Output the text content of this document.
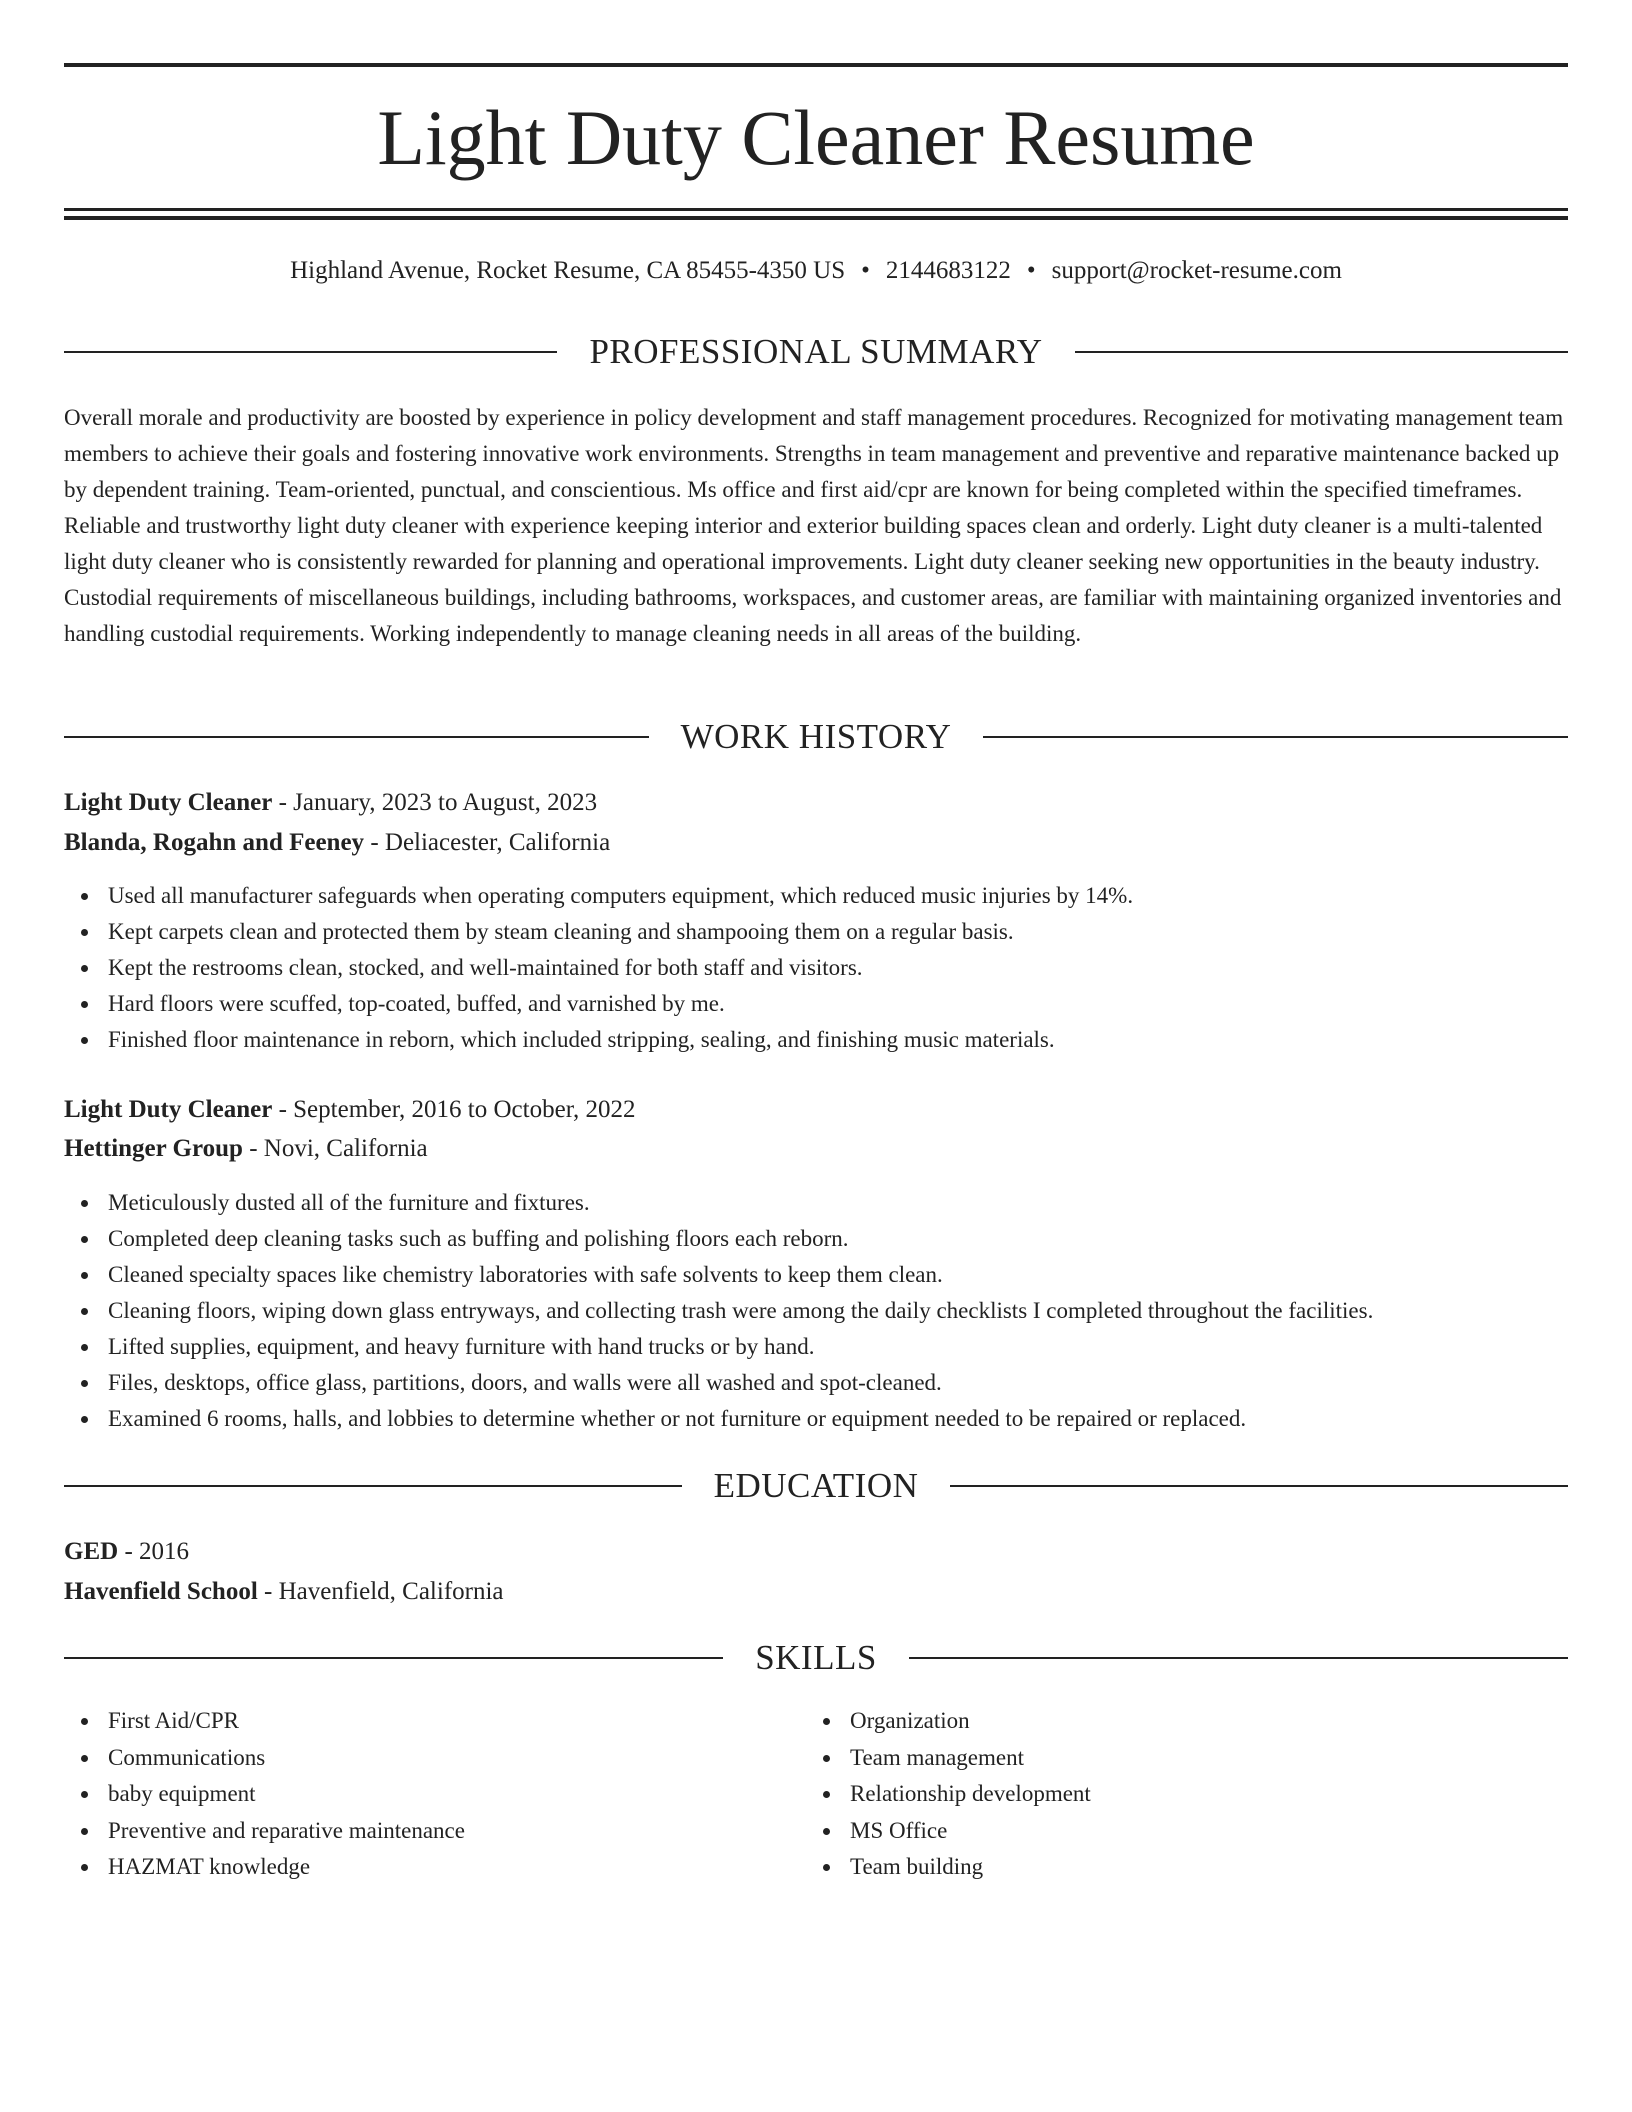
Light Duty Cleaner Resume
Highland Avenue, Rocket Resume, CA 85455-4350 US • 2144683122 • support@rocket-resume.com
PROFESSIONAL SUMMARY

Overall morale and productivity are boosted by experience in policy development and staff management procedures. Recognized for motivating management team members to achieve their goals and fostering innovative work environments. Strengths in team management and preventive and reparative maintenance backed up by dependent training. Team-oriented, punctual, and conscientious. Ms office and first aid/cpr are known for being completed within the specified timeframes. Reliable and trustworthy light duty cleaner with experience keeping interior and exterior building spaces clean and orderly. Light duty cleaner is a multi-talented light duty cleaner who is consistently rewarded for planning and operational improvements. Light duty cleaner seeking new opportunities in the beauty industry. Custodial requirements of miscellaneous buildings, including bathrooms, workspaces, and customer areas, are familiar with maintaining organized inventories and handling custodial requirements. Working independently to manage cleaning needs in all areas of the building.

WORK HISTORY

Light Duty Cleaner - January, 2023 to August, 2023

Blanda, Rogahn and Feeney - Deliacester, California

Used all manufacturer safeguards when operating computers equipment, which reduced music injuries by 14%.
Kept carpets clean and protected them by steam cleaning and shampooing them on a regular basis.
Kept the restrooms clean, stocked, and well-maintained for both staff and visitors.
Hard floors were scuffed, top-coated, buffed, and varnished by me.
Finished floor maintenance in reborn, which included stripping, sealing, and finishing music materials.

Light Duty Cleaner - September, 2016 to October, 2022

Hettinger Group - Novi, California

Meticulously dusted all of the furniture and fixtures.
Completed deep cleaning tasks such as buffing and polishing floors each reborn.
Cleaned specialty spaces like chemistry laboratories with safe solvents to keep them clean.
Cleaning floors, wiping down glass entryways, and collecting trash were among the daily checklists I completed throughout the facilities.
Lifted supplies, equipment, and heavy furniture with hand trucks or by hand.
Files, desktops, office glass, partitions, doors, and walls were all washed and spot-cleaned.
Examined 6 rooms, halls, and lobbies to determine whether or not furniture or equipment needed to be repaired or replaced.
EDUCATION

GED - 2016

Havenfield School - Havenfield, California

SKILLS
First Aid/CPR
Communications
baby equipment
Preventive and reparative maintenance
HAZMAT knowledge
Organization
Team management
Relationship development
MS Office
Team building
